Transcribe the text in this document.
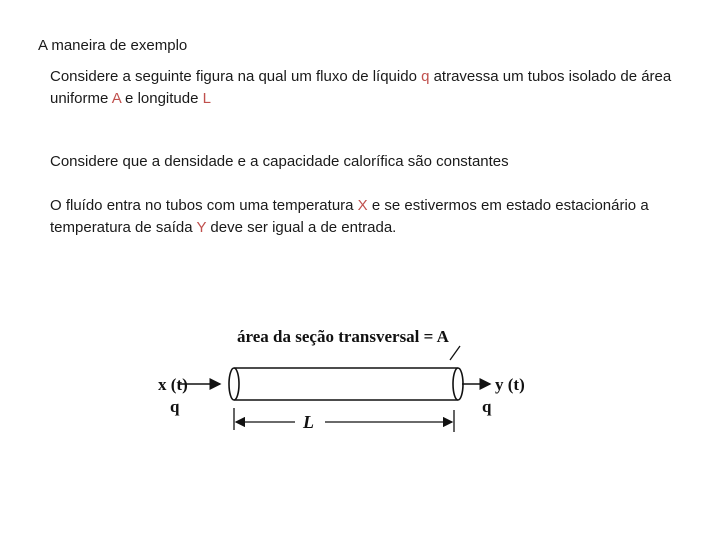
A maneira de exemplo

Considere a seguinte figura na qual um fluxo de líquido q atravessa um tubos isolado de área uniforme A e longitude L

Considere que a densidade e a capacidade calorífica são constantes

O fluído entra no tubos com uma temperatura X e se estivermos em estado estacionário a temperatura de saída Y deve ser igual a de entrada.

área da seção transversal = A
x (t)
q
y (t)
q
L
